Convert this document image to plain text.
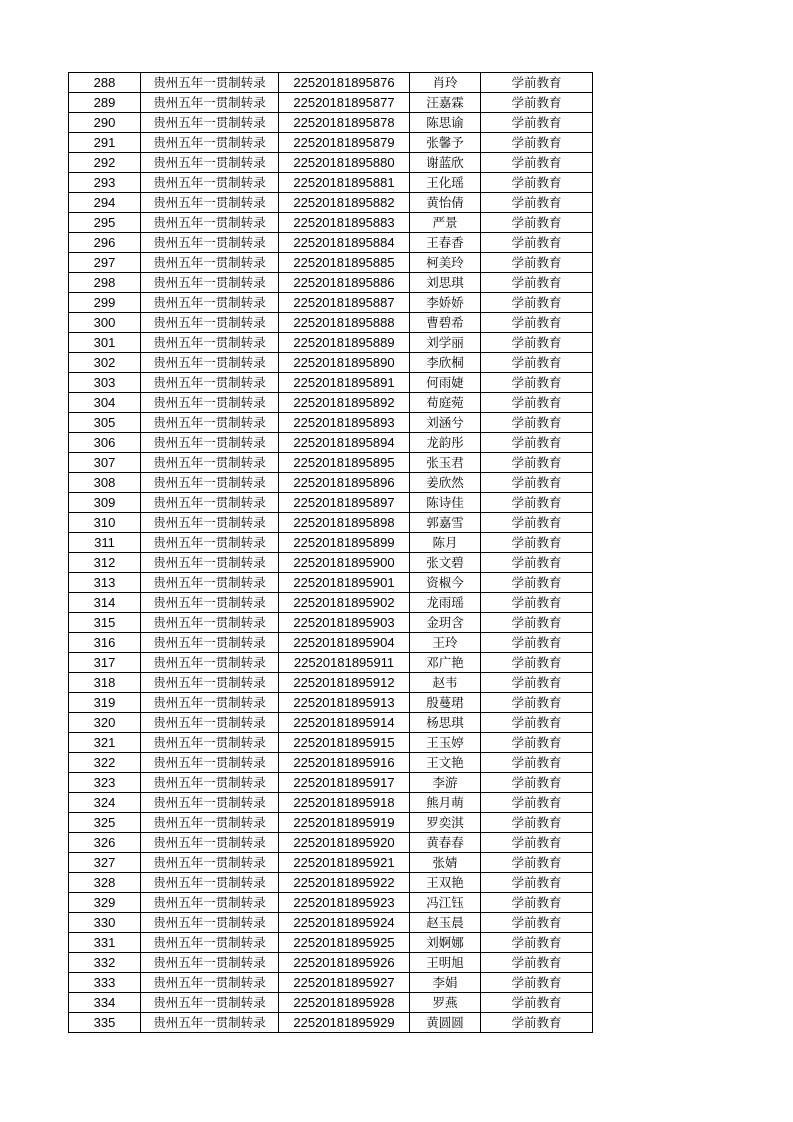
288	贵州五年一贯制转录	22520181895876	肖玲	学前教育
289	贵州五年一贯制转录	22520181895877	汪嘉霖	学前教育
290	贵州五年一贯制转录	22520181895878	陈思谕	学前教育
291	贵州五年一贯制转录	22520181895879	张馨予	学前教育
292	贵州五年一贯制转录	22520181895880	谢蓝欣	学前教育
293	贵州五年一贯制转录	22520181895881	王化瑶	学前教育
294	贵州五年一贯制转录	22520181895882	黄怡倩	学前教育
295	贵州五年一贯制转录	22520181895883	严景	学前教育
296	贵州五年一贯制转录	22520181895884	王春香	学前教育
297	贵州五年一贯制转录	22520181895885	柯美玲	学前教育
298	贵州五年一贯制转录	22520181895886	刘思琪	学前教育
299	贵州五年一贯制转录	22520181895887	李娇娇	学前教育
300	贵州五年一贯制转录	22520181895888	曹碧希	学前教育
301	贵州五年一贯制转录	22520181895889	刘学丽	学前教育
302	贵州五年一贯制转录	22520181895890	李欣桐	学前教育
303	贵州五年一贯制转录	22520181895891	何雨婕	学前教育
304	贵州五年一贯制转录	22520181895892	荀庭菀	学前教育
305	贵州五年一贯制转录	22520181895893	刘涵兮	学前教育
306	贵州五年一贯制转录	22520181895894	龙韵彤	学前教育
307	贵州五年一贯制转录	22520181895895	张玉君	学前教育
308	贵州五年一贯制转录	22520181895896	姜欣然	学前教育
309	贵州五年一贯制转录	22520181895897	陈诗佳	学前教育
310	贵州五年一贯制转录	22520181895898	郭嘉雪	学前教育
311	贵州五年一贯制转录	22520181895899	陈月	学前教育
312	贵州五年一贯制转录	22520181895900	张文碧	学前教育
313	贵州五年一贯制转录	22520181895901	资椒今	学前教育
314	贵州五年一贯制转录	22520181895902	龙雨瑶	学前教育
315	贵州五年一贯制转录	22520181895903	金玥含	学前教育
316	贵州五年一贯制转录	22520181895904	王玲	学前教育
317	贵州五年一贯制转录	22520181895911	邓广艳	学前教育
318	贵州五年一贯制转录	22520181895912	赵韦	学前教育
319	贵州五年一贯制转录	22520181895913	殷蔓珺	学前教育
320	贵州五年一贯制转录	22520181895914	杨思琪	学前教育
321	贵州五年一贯制转录	22520181895915	王玉婷	学前教育
322	贵州五年一贯制转录	22520181895916	王文艳	学前教育
323	贵州五年一贯制转录	22520181895917	李游	学前教育
324	贵州五年一贯制转录	22520181895918	熊月萌	学前教育
325	贵州五年一贯制转录	22520181895919	罗奕淇	学前教育
326	贵州五年一贯制转录	22520181895920	黄春春	学前教育
327	贵州五年一贯制转录	22520181895921	张婧	学前教育
328	贵州五年一贯制转录	22520181895922	王双艳	学前教育
329	贵州五年一贯制转录	22520181895923	冯江钰	学前教育
330	贵州五年一贯制转录	22520181895924	赵玉晨	学前教育
331	贵州五年一贯制转录	22520181895925	刘婀娜	学前教育
332	贵州五年一贯制转录	22520181895926	王明旭	学前教育
333	贵州五年一贯制转录	22520181895927	李娟	学前教育
334	贵州五年一贯制转录	22520181895928	罗燕	学前教育
335	贵州五年一贯制转录	22520181895929	黄圆圆	学前教育
